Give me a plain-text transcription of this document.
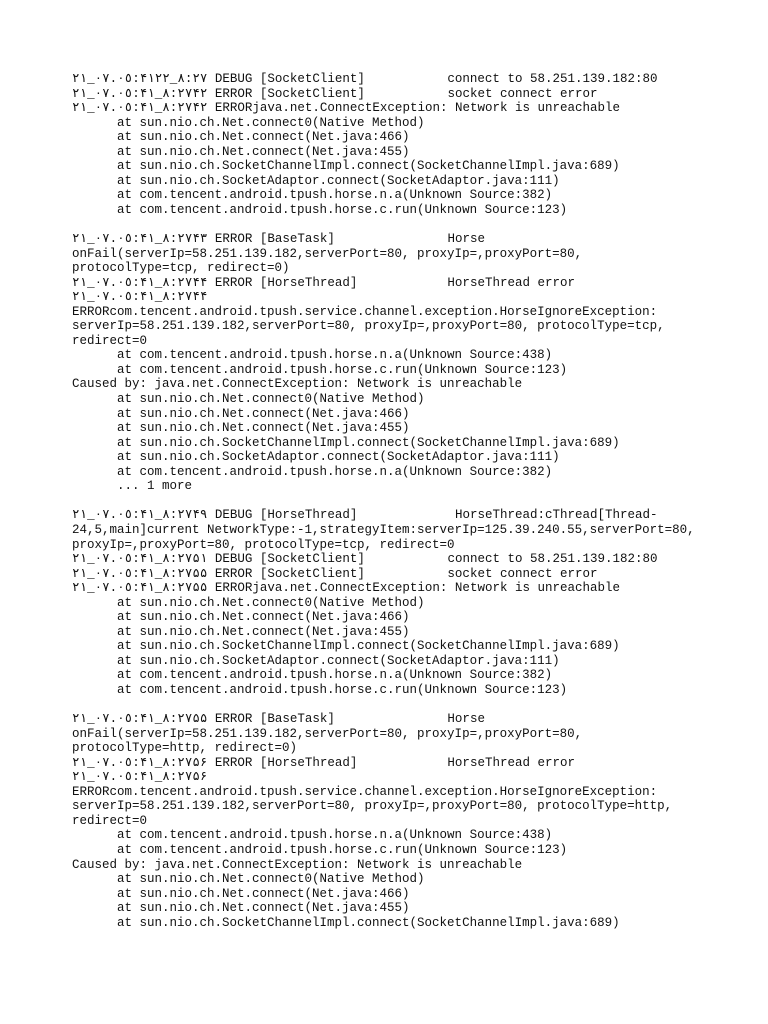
٠٧.٠٥_٢١:۴٨:٢٧_١٢٢ DEBUG [SocketClient]           connect to 58.251.139.182:80
٠٧.٠٥_٢١:۴٨:٢٧_١۴٢ ERROR [SocketClient]           socket connect error
٠٧.٠٥_٢١:۴٨:٢٧_١۴٢ ERRORjava.net.ConnectException: Network is unreachable
at sun.nio.ch.Net.connect0(Native Method)
at sun.nio.ch.Net.connect(Net.java:466)
at sun.nio.ch.Net.connect(Net.java:455)
at sun.nio.ch.SocketChannelImpl.connect(SocketChannelImpl.java:689)
at sun.nio.ch.SocketAdaptor.connect(SocketAdaptor.java:111)
at com.tencent.android.tpush.horse.n.a(Unknown Source:382)
at com.tencent.android.tpush.horse.c.run(Unknown Source:123)
٠٧.٠٥_٢١:۴٨:٢٧_١۴٣ ERROR [BaseTask]               Horse
onFail(serverIp=58.251.139.182,serverPort=80, proxyIp=,proxyPort=80,
protocolType=tcp, redirect=0)
٠٧.٠٥_٢١:۴٨:٢٧_١۴۴ ERROR [HorseThread]            HorseThread error
٠٧.٠٥_٢١:۴٨:٢٧_١۴۴
ERRORcom.tencent.android.tpush.service.channel.exception.HorseIgnoreException:
serverIp=58.251.139.182,serverPort=80, proxyIp=,proxyPort=80, protocolType=tcp,
redirect=0
at com.tencent.android.tpush.horse.n.a(Unknown Source:438)
at com.tencent.android.tpush.horse.c.run(Unknown Source:123)
Caused by: java.net.ConnectException: Network is unreachable
at sun.nio.ch.Net.connect0(Native Method)
at sun.nio.ch.Net.connect(Net.java:466)
at sun.nio.ch.Net.connect(Net.java:455)
at sun.nio.ch.SocketChannelImpl.connect(SocketChannelImpl.java:689)
at sun.nio.ch.SocketAdaptor.connect(SocketAdaptor.java:111)
at com.tencent.android.tpush.horse.n.a(Unknown Source:382)
... 1 more
٠٧.٠٥_٢١:۴٨:٢٧_١۴٩ DEBUG [HorseThread]             HorseThread:cThread[Thread-
24,5,main]current NetworkType:-1,strategyItem:serverIp=125.39.240.55,serverPort=80,
proxyIp=,proxyPort=80, protocolType=tcp, redirect=0
٠٧.٠٥_٢١:۴٨:٢٧_١۵١ DEBUG [SocketClient]           connect to 58.251.139.182:80
٠٧.٠٥_٢١:۴٨:٢٧_١۵۵ ERROR [SocketClient]           socket connect error
٠٧.٠٥_٢١:۴٨:٢٧_١۵۵ ERRORjava.net.ConnectException: Network is unreachable
at sun.nio.ch.Net.connect0(Native Method)
at sun.nio.ch.Net.connect(Net.java:466)
at sun.nio.ch.Net.connect(Net.java:455)
at sun.nio.ch.SocketChannelImpl.connect(SocketChannelImpl.java:689)
at sun.nio.ch.SocketAdaptor.connect(SocketAdaptor.java:111)
at com.tencent.android.tpush.horse.n.a(Unknown Source:382)
at com.tencent.android.tpush.horse.c.run(Unknown Source:123)
٠٧.٠٥_٢١:۴٨:٢٧_١۵۵ ERROR [BaseTask]               Horse
onFail(serverIp=58.251.139.182,serverPort=80, proxyIp=,proxyPort=80,
protocolType=http, redirect=0)
٠٧.٠٥_٢١:۴٨:٢٧_١۵۶ ERROR [HorseThread]            HorseThread error
٠٧.٠٥_٢١:۴٨:٢٧_١۵۶
ERRORcom.tencent.android.tpush.service.channel.exception.HorseIgnoreException:
serverIp=58.251.139.182,serverPort=80, proxyIp=,proxyPort=80, protocolType=http,
redirect=0
at com.tencent.android.tpush.horse.n.a(Unknown Source:438)
at com.tencent.android.tpush.horse.c.run(Unknown Source:123)
Caused by: java.net.ConnectException: Network is unreachable
at sun.nio.ch.Net.connect0(Native Method)
at sun.nio.ch.Net.connect(Net.java:466)
at sun.nio.ch.Net.connect(Net.java:455)
at sun.nio.ch.SocketChannelImpl.connect(SocketChannelImpl.java:689)
